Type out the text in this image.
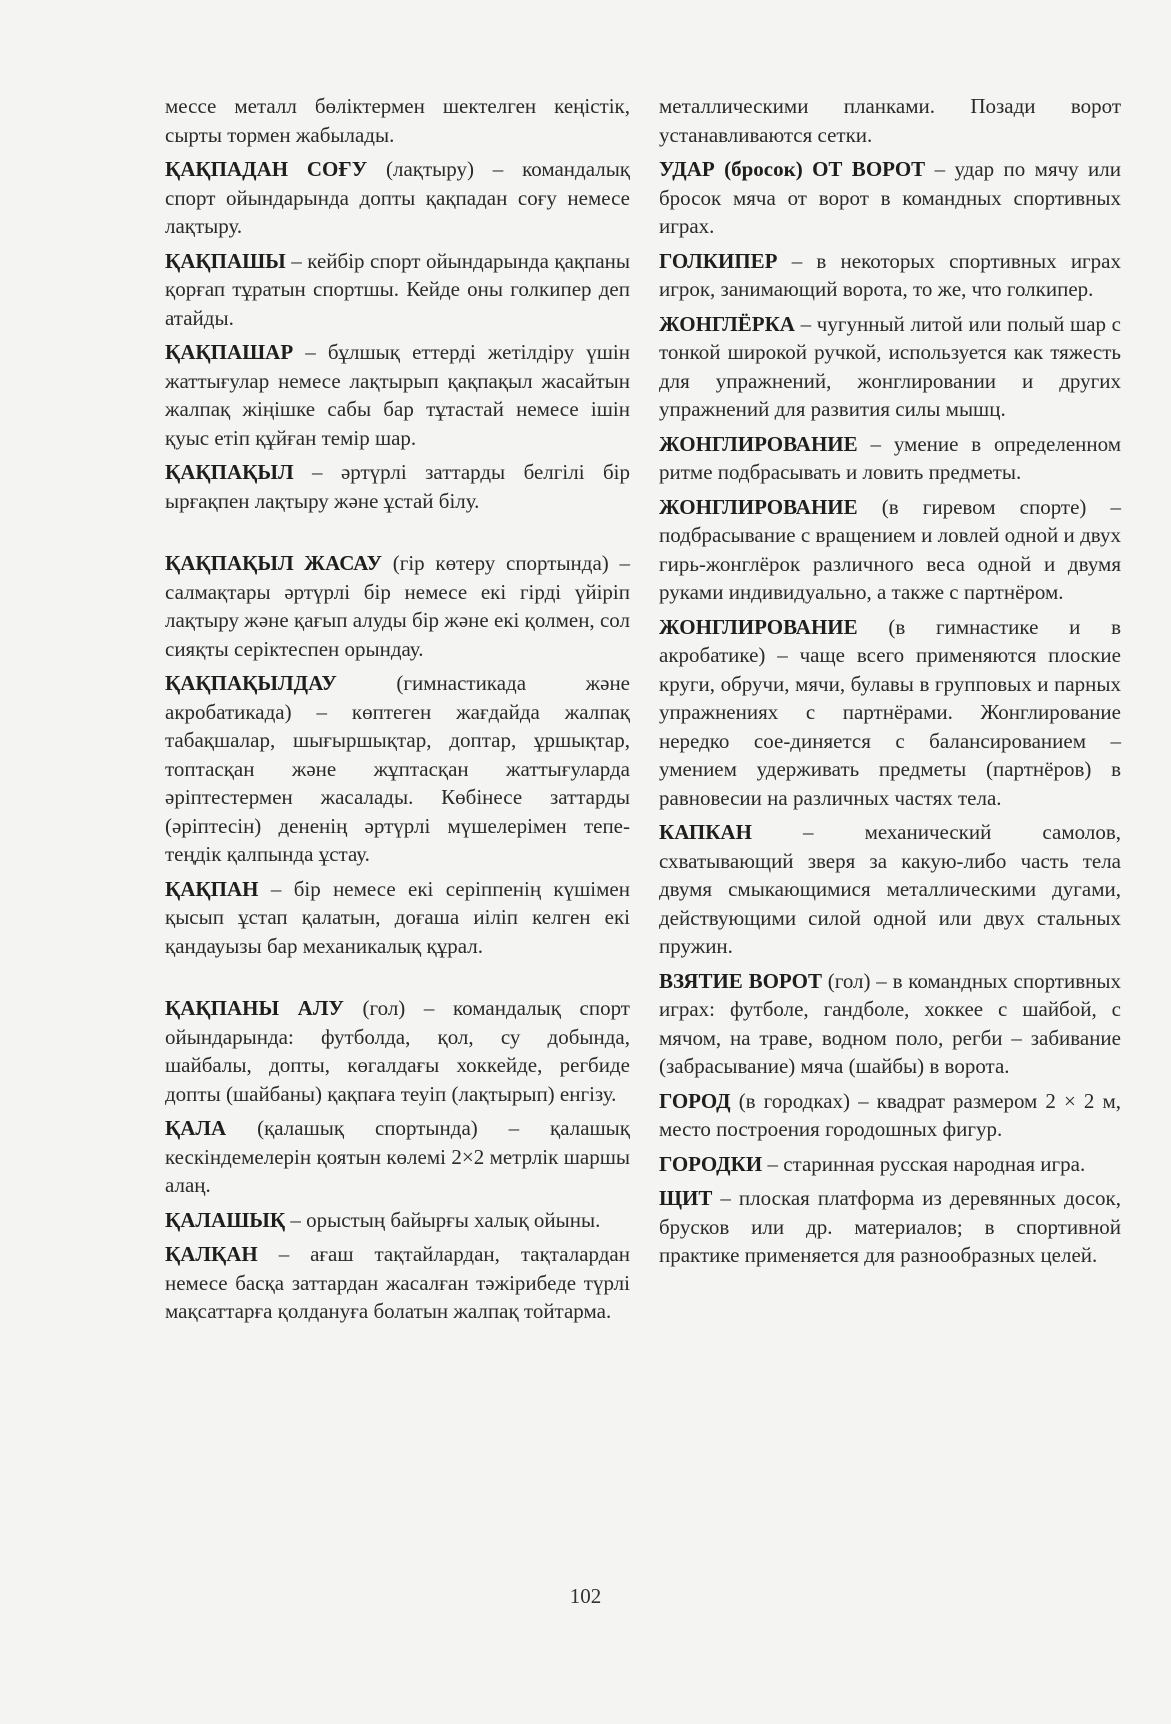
мессе металл бөліктермен шектелген кеңістік, сырты тормен жабылады.

ҚАҚПАДАН СОҒУ (лақтыру) – командалық спорт ойындарында допты қақпадан соғу немесе лақтыру.

ҚАҚПАШЫ – кейбір спорт ойындарында қақпаны қорғап тұратын спортшы. Кейде оны голкипер деп атайды.

ҚАҚПАШАР – бұлшық еттерді жетілдіру үшін жаттығулар немесе лақтырып қақпақыл жасайтын жалпақ жіңішке сабы бар тұтастай немесе ішін қуыс етіп құйған темір шар.

ҚАҚПАҚЫЛ – әртүрлі заттарды белгілі бір ырғақпен лақтыру және ұстай білу.

ҚАҚПАҚЫЛ ЖАСАУ (гір көтеру спортында) – салмақтары әртүрлі бір немесе екі гірді үйіріп лақтыру және қағып алуды бір және екі қолмен, сол сияқты серіктеспен орындау.

ҚАҚПАҚЫЛДАУ (гимнастикада және акробатикада) – көптеген жағдайда жалпақ табақшалар, шығыршықтар, доптар, ұршықтар, топтасқан және жұптасқан жаттығуларда әріптестермен жасалады. Көбінесе заттарды (әріптесін) дененің әртүрлі мүшелерімен тепе-теңдік қалпында ұстау.

ҚАҚПАН – бір немесе екі серіппенің күшімен қысып ұстап қалатын, доғаша иіліп келген екі қандауызы бар механикалық құрал.

ҚАҚПАНЫ АЛУ (гол) – командалық спорт ойындарында: футболда, қол, су добында, шайбалы, допты, көгалдағы хоккейде, регбиде допты (шайбаны) қақпаға теуіп (лақтырып) енгізу.

ҚАЛА (қалашық спортында) – қалашық кескіндемелерін қоятын көлемі 2×2 метрлік шаршы алаң.

ҚАЛАШЫҚ – орыстың байырғы халық ойыны.

ҚАЛҚАН – ағаш тақтайлардан, тақталардан немесе басқа заттардан жасалған тәжірибеде түрлі мақсаттарға қолдануға болатын жалпақ тойтарма.

металлическими планками. Позади ворот устанавливаются сетки.

УДАР (бросок) ОТ ВОРОТ – удар по мячу или бросок мяча от ворот в командных спортивных играх.

ГОЛКИПЕР – в некоторых спортивных играх игрок, занимающий ворота, то же, что голкипер.

ЖОНГЛЁРКА – чугунный литой или полый шар с тонкой широкой ручкой, используется как тяжесть для упражнений, жонглировании и других упражнений для развития силы мышц.

ЖОНГЛИРОВАНИЕ – умение в определенном ритме подбрасывать и ловить предметы.

ЖОНГЛИРОВАНИЕ (в гиревом спорте) – подбрасывание с вращением и ловлей одной и двух гирь-жонглёрок различного веса одной и двумя руками индивидуально, а также с партнёром.

ЖОНГЛИРОВАНИЕ (в гимнастике и в акробатике) – чаще всего применяются плоские круги, обручи, мячи, булавы в групповых и парных упражнениях с партнёрами. Жонглирование нередко сое-диняется с балансированием – умением удерживать предметы (партнёров) в равновесии на различных частях тела.

КАПКАН – механический самолов, схватывающий зверя за какую-либо часть тела двумя смыкающимися металлическими дугами, действующими силой одной или двух стальных пружин.

ВЗЯТИЕ ВОРОТ (гол) – в командных спортивных играх: футболе, гандболе, хоккее с шайбой, с мячом, на траве, водном поло, регби – забивание (забрасывание) мяча (шайбы) в ворота.

ГОРОД (в городках) – квадрат размером 2 × 2 м, место построения городошных фигур.

ГОРОДКИ – старинная русская народная игра.

ЩИТ – плоская платформа из деревянных досок, брусков или др. материалов; в спортивной практике применяется для разнообразных целей.

102
